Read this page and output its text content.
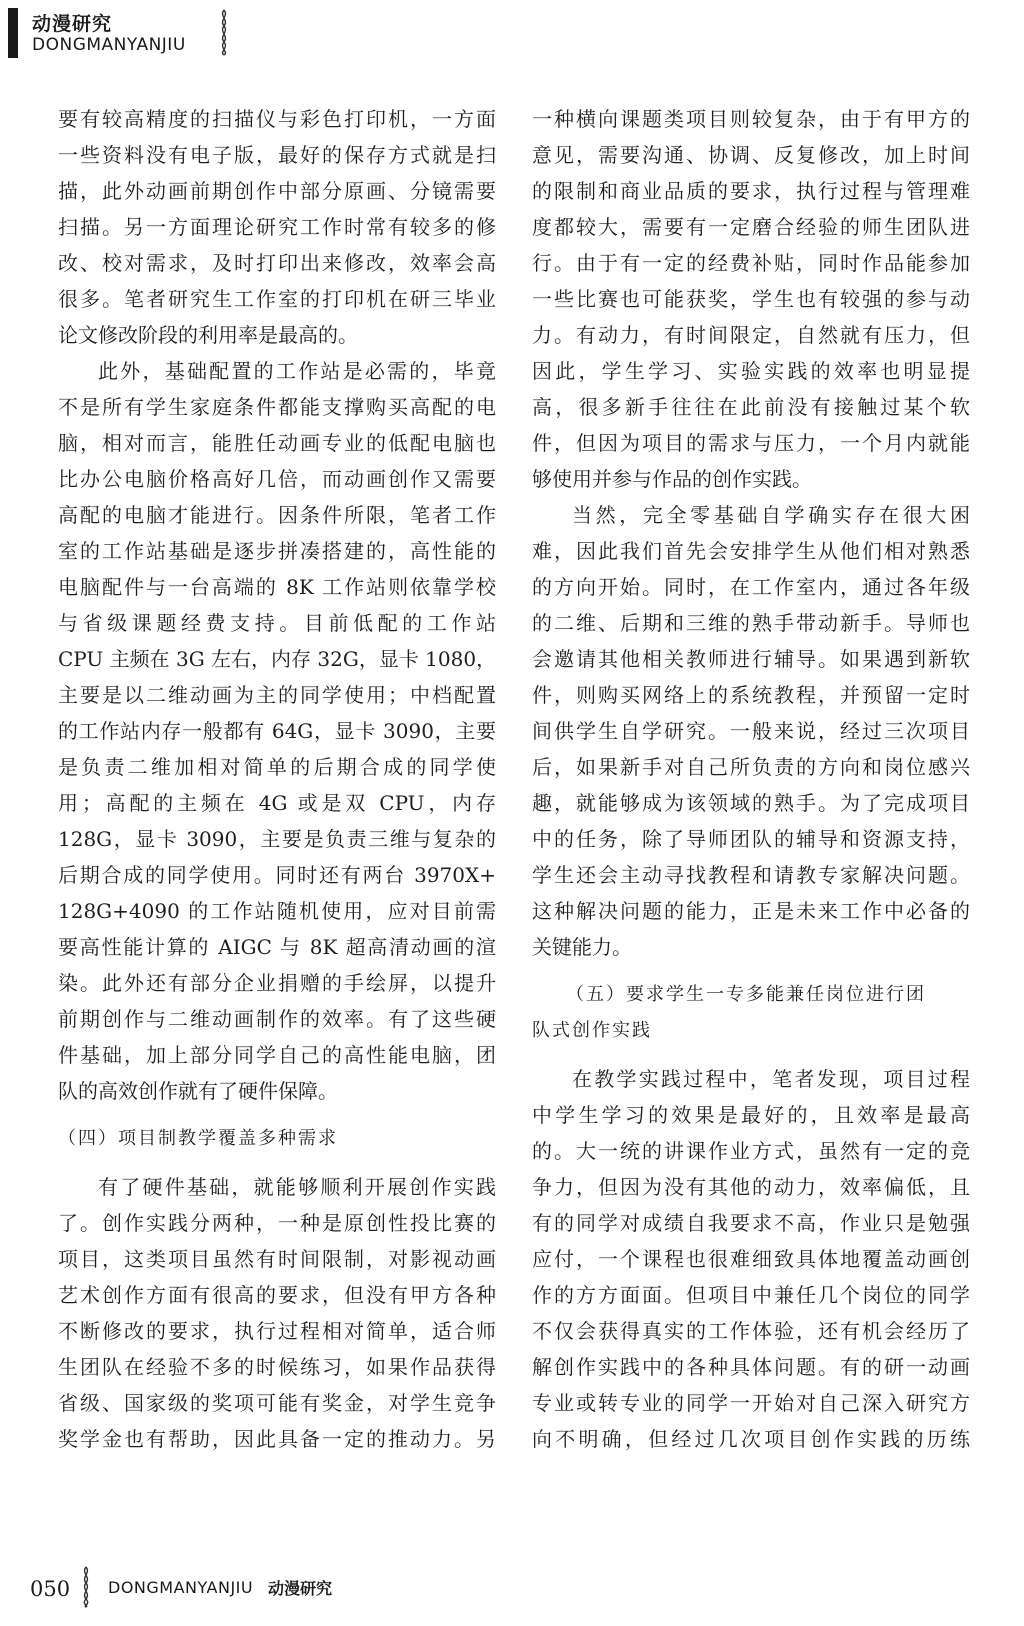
动漫研究
DONGMANYANJIU
要有较高精度的扫描仪与彩色打印机，一方面
一些资料没有电子版，最好的保存方式就是扫
描，此外动画前期创作中部分原画、分镜需要
扫描。另一方面理论研究工作时常有较多的修
改、校对需求，及时打印出来修改，效率会高
很多。笔者研究生工作室的打印机在研三毕业
论文修改阶段的利用率是最高的。
此外，基础配置的工作站是必需的，毕竟
不是所有学生家庭条件都能支撑购买高配的电
脑，相对而言，能胜任动画专业的低配电脑也
比办公电脑价格高好几倍，而动画创作又需要
高配的电脑才能进行。因条件所限，笔者工作
室的工作站基础是逐步拼凑搭建的，高性能的
电脑配件与一台高端的 8K 工作站则依靠学校
与省级课题经费支持。目前低配的工作站
CPU 主频在 3G 左右，内存 32G，显卡 1080，
主要是以二维动画为主的同学使用；中档配置
的工作站内存一般都有 64G，显卡 3090，主要
是负责二维加相对简单的后期合成的同学使
用；高配的主频在 4G 或是双 CPU，内存
128G，显卡 3090，主要是负责三维与复杂的
后期合成的同学使用。同时还有两台 3970X+
128G+4090 的工作站随机使用，应对目前需
要高性能计算的 AIGC 与 8K 超高清动画的渲
染。此外还有部分企业捐赠的手绘屏，以提升
前期创作与二维动画制作的效率。有了这些硬
件基础，加上部分同学自己的高性能电脑，团
队的高效创作就有了硬件保障。
（四）项目制教学覆盖多种需求
有了硬件基础，就能够顺利开展创作实践
了。创作实践分两种，一种是原创性投比赛的
项目，这类项目虽然有时间限制，对影视动画
艺术创作方面有很高的要求，但没有甲方各种
不断修改的要求，执行过程相对简单，适合师
生团队在经验不多的时候练习，如果作品获得
省级、国家级的奖项可能有奖金，对学生竞争
奖学金也有帮助，因此具备一定的推动力。另
一种横向课题类项目则较复杂，由于有甲方的
意见，需要沟通、协调、反复修改，加上时间
的限制和商业品质的要求，执行过程与管理难
度都较大，需要有一定磨合经验的师生团队进
行。由于有一定的经费补贴，同时作品能参加
一些比赛也可能获奖，学生也有较强的参与动
力。有动力，有时间限定，自然就有压力，但
因此，学生学习、实验实践的效率也明显提
高，很多新手往往在此前没有接触过某个软
件，但因为项目的需求与压力，一个月内就能
够使用并参与作品的创作实践。
当然，完全零基础自学确实存在很大困
难，因此我们首先会安排学生从他们相对熟悉
的方向开始。同时，在工作室内，通过各年级
的二维、后期和三维的熟手带动新手。导师也
会邀请其他相关教师进行辅导。如果遇到新软
件，则购买网络上的系统教程，并预留一定时
间供学生自学研究。一般来说，经过三次项目
后，如果新手对自己所负责的方向和岗位感兴
趣，就能够成为该领域的熟手。为了完成项目
中的任务，除了导师团队的辅导和资源支持，
学生还会主动寻找教程和请教专家解决问题。
这种解决问题的能力，正是未来工作中必备的
关键能力。
（五）要求学生一专多能兼任岗位进行团
队式创作实践
在教学实践过程中，笔者发现，项目过程
中学生学习的效果是最好的，且效率是最高
的。大一统的讲课作业方式，虽然有一定的竞
争力，但因为没有其他的动力，效率偏低，且
有的同学对成绩自我要求不高，作业只是勉强
应付，一个课程也很难细致具体地覆盖动画创
作的方方面面。但项目中兼任几个岗位的同学
不仅会获得真实的工作体验，还有机会经历了
解创作实践中的各种具体问题。有的研一动画
专业或转专业的同学一开始对自己深入研究方
向不明确，但经过几次项目创作实践的历练
050 DONGMANYANJIU 动漫研究
